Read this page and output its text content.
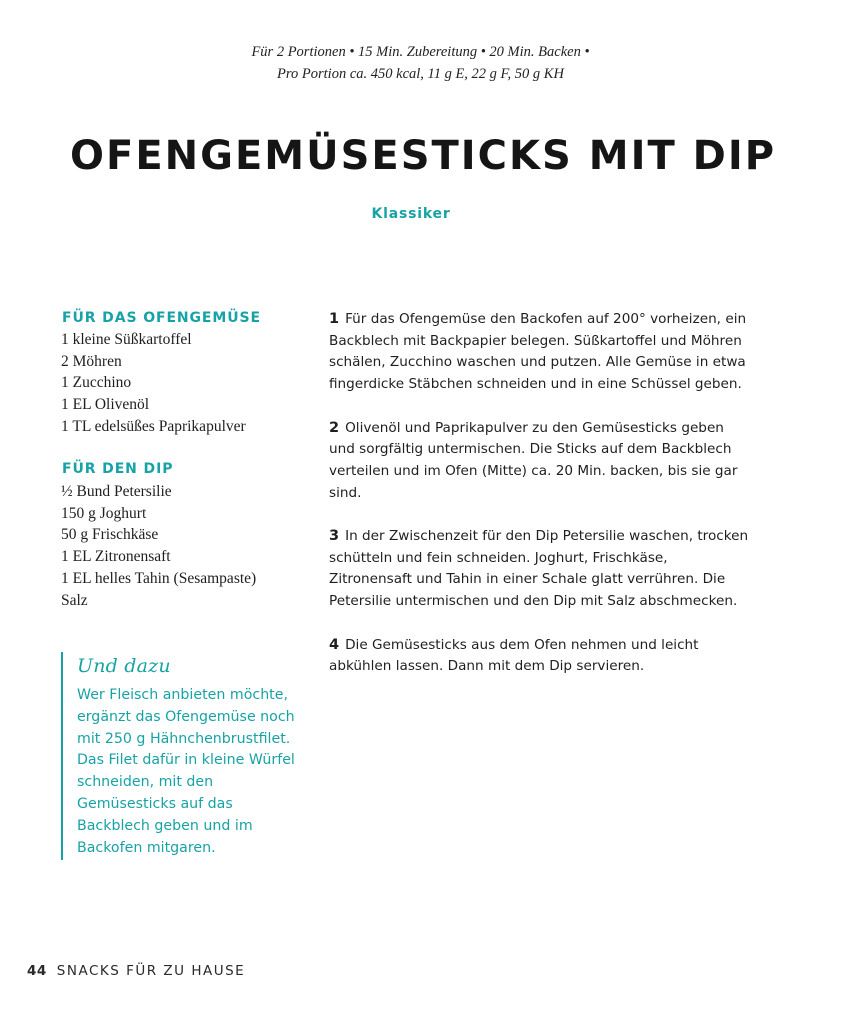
Für 2 Portionen • 15 Min. Zubereitung • 20 Min. Backen •
Pro Portion ca. 450 kcal, 11 g E, 22 g F, 50 g KH
OFENGEMÜSESTICKS MIT DIP
Klassiker
FÜR DAS OFENGEMÜSE
1 kleine Süßkartoffel
2 Möhren
1 Zucchino
1 EL Olivenöl
1 TL edelsüßes Paprikapulver
FÜR DEN DIP
½ Bund Petersilie
150 g Joghurt
50 g Frischkäse
1 EL Zitronensaft
1 EL helles Tahin (Sesampaste)
Salz
Und dazu
Wer Fleisch anbieten möchte, ergänzt das Ofengemüse noch mit 250 g Hähnchenbrustfilet. Das Filet dafür in kleine Würfel schneiden, mit den Gemüsesticks auf das Backblech geben und im Backofen mitgaren.

1 Für das Ofengemüse den Backofen auf 200° vorheizen, ein Backblech mit Backpapier belegen. Süßkartoffel und Möhren schälen, Zucchino waschen und putzen. Alle Gemüse in etwa fingerdicke Stäbchen schneiden und in eine Schüssel geben.

2 Olivenöl und Paprikapulver zu den Gemüsesticks geben und sorgfältig untermischen. Die Sticks auf dem Backblech verteilen und im Ofen (Mitte) ca. 20 Min. backen, bis sie gar sind.

3 In der Zwischenzeit für den Dip Petersilie waschen, trocken schütteln und fein schneiden. Joghurt, Frischkäse, Zitronensaft und Tahin in einer Schale glatt verrühren. Die Petersilie untermischen und den Dip mit Salz abschmecken.

4 Die Gemüsesticks aus dem Ofen nehmen und leicht abkühlen lassen. Dann mit dem Dip servieren.

44 SNACKS FÜR ZU HAUSE
